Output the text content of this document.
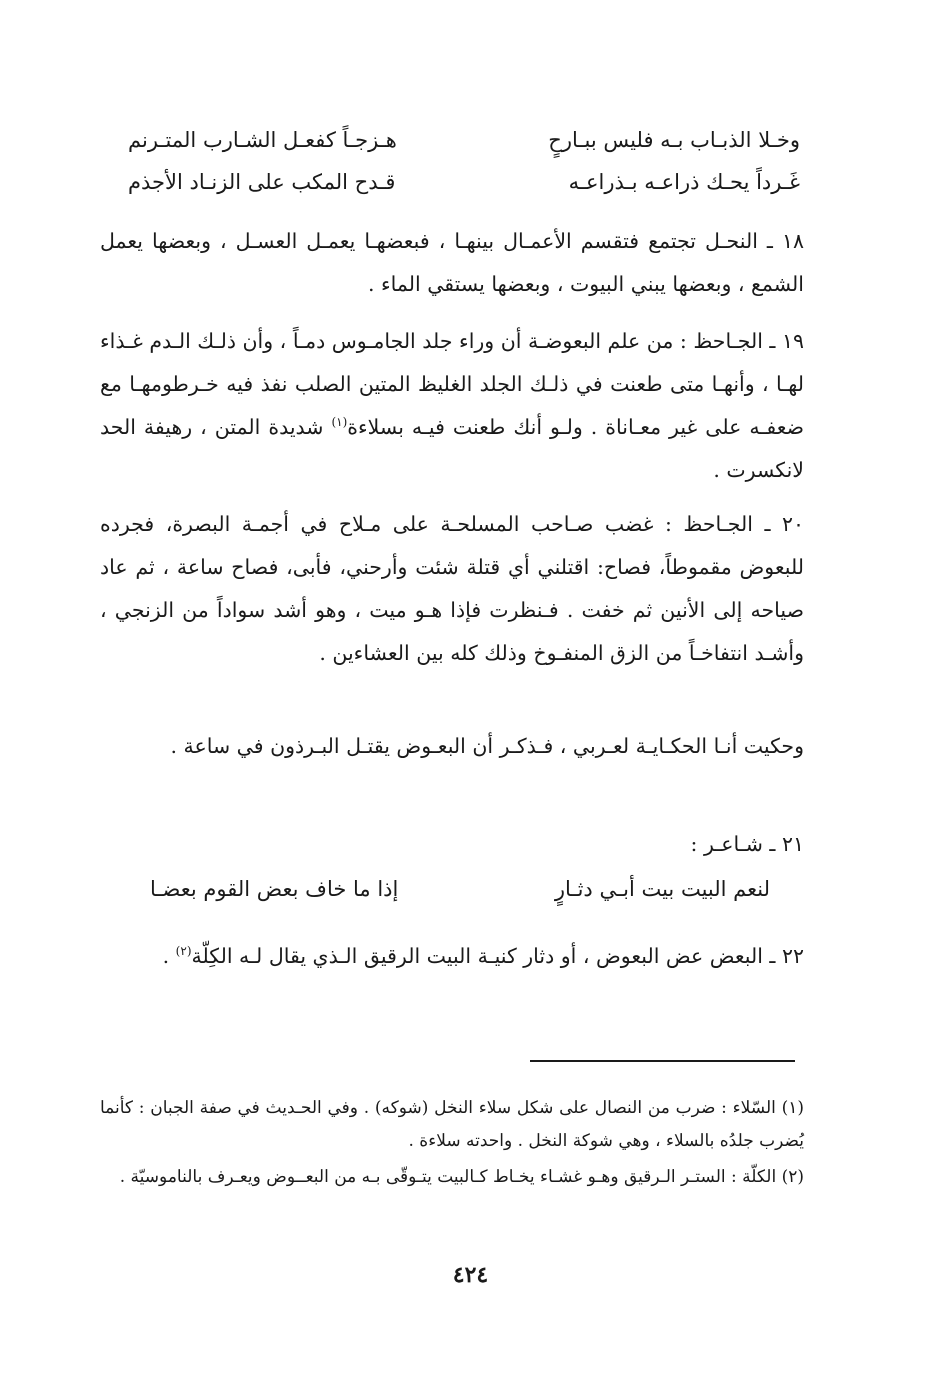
وخـلا الذبـاب بـه فليس ببـارحٍ
هـزجـاً كفعـل الشـارب المتـرنم
غَـرداً يحـك ذراعـه بـذراعـه
قـدح المكب على الزنـاد الأجذم
١٨ ـ النحـل تجتمع فتقسم الأعمـال بينهـا ، فبعضهـا يعمـل العسـل ، وبعضها يعمل الشمع ، وبعضها يبني البيوت ، وبعضها يستقي الماء .
١٩ ـ الجـاحظ : من علم البعوضـة أن وراء جلد الجامـوس دمـاً ، وأن ذلـك الـدم غـذاء لهـا ، وأنهـا متى طعنت في ذلـك الجلد الغليظ المتين الصلب نفذ فيه خـرطومهـا مع ضعفـه على غير معـاناة . ولـو أنك طعنت فيـه بسلاءة$^{(١)}$ شديدة المتن ، رهيفة الحد لانكسرت .
٢٠ ـ الجـاحظ : غضب صـاحب المسلحـة على مـلاح في أجمـة البصرة، فجرده للبعوض مقموطاً، فصاح: اقتلني أي قتلة شئت وأرحني، فأبى، فصاح ساعة ، ثم عاد صياحه إلى الأنين ثم خفت . فـنظرت فإذا هـو ميت ، وهو أشد سواداً من الزنجي ، وأشـد انتفاخـاً من الزق المنفـوخ وذلك كله بين العشاءين .
وحكيت أنـا الحكـايـة لعـربي ، فـذكـر أن البعـوض يقتـل البـرذون في ساعة .
٢١ ـ شـاعـر :
لنعم البيت بيت أبـي دثـارٍ
إذا ما خاف بعض القوم بعضـا
٢٢ ـ البعض عض البعوض ، أو دثار كنيـة البيت الرقيق الـذي يقال لـه الكِلّة$^{(٢)}$ .
(١) السّلاء : ضرب من النصال على شكل سلاء النخل (شوكه) . وفي الحـديث في صفة الجبان : كأنما يُضرب جلدُه بالسلاء ، وهي شوكة النخل . واحدته سلاءة .
(٢) الكلّة : الستـر الـرقيق وهـو غشـاء يخـاط كـالبيت يتـوقّى بـه من البعــوض ويعـرف بالناموسيّة .
٤٢٤
